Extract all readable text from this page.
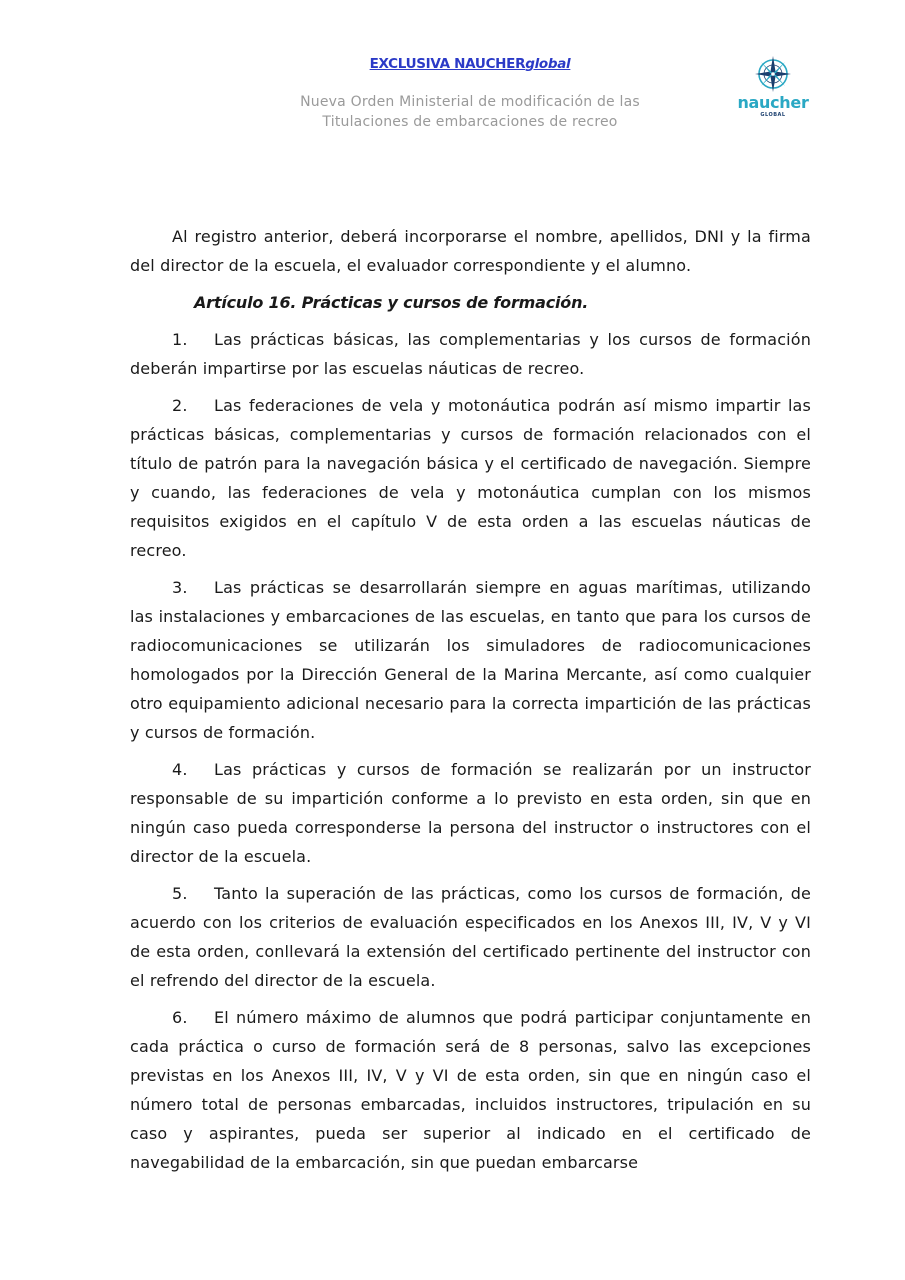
EXCLUSIVA NAUCHERglobal
Nueva Orden Ministerial de modificación de las
Titulaciones de embarcaciones de recreo
naucher
GLOBAL

Al registro anterior, deberá incorporarse el nombre, apellidos, DNI y la firma del director de la escuela, el evaluador correspondiente y el alumno.

Artículo 16. Prácticas y cursos de formación.

1. Las prácticas básicas, las complementarias y los cursos de formación deberán impartirse por las escuelas náuticas de recreo.

2. Las federaciones de vela y motonáutica podrán así mismo impartir las prácticas básicas, complementarias y cursos de formación relacionados con el título de patrón para la navegación básica y el certificado de navegación. Siempre y cuando, las federaciones de vela y motonáutica cumplan con los mismos requisitos exigidos en el capítulo V de esta orden a las escuelas náuticas de recreo.

3. Las prácticas se desarrollarán siempre en aguas marítimas, utilizando las instalaciones y embarcaciones de las escuelas, en tanto que para los cursos de radiocomunicaciones se utilizarán los simuladores de radiocomunicaciones homologados por la Dirección General de la Marina Mercante, así como cualquier otro equipamiento adicional necesario para la correcta impartición de las prácticas y cursos de formación.

4. Las prácticas y cursos de formación se realizarán por un instructor responsable de su impartición conforme a lo previsto en esta orden, sin que en ningún caso pueda corresponderse la persona del instructor o instructores con el director de la escuela.

5. Tanto la superación de las prácticas, como los cursos de formación, de acuerdo con los criterios de evaluación especificados en los Anexos III, IV, V y VI de esta orden, conllevará la extensión del certificado pertinente del instructor con el refrendo del director de la escuela.

6. El número máximo de alumnos que podrá participar conjuntamente en cada práctica o curso de formación será de 8 personas, salvo las excepciones previstas en los Anexos III, IV, V y VI de esta orden, sin que en ningún caso el número total de personas embarcadas, incluidos instructores, tripulación en su caso y aspirantes, pueda ser superior al indicado en el certificado de navegabilidad de la embarcación, sin que puedan embarcarse
